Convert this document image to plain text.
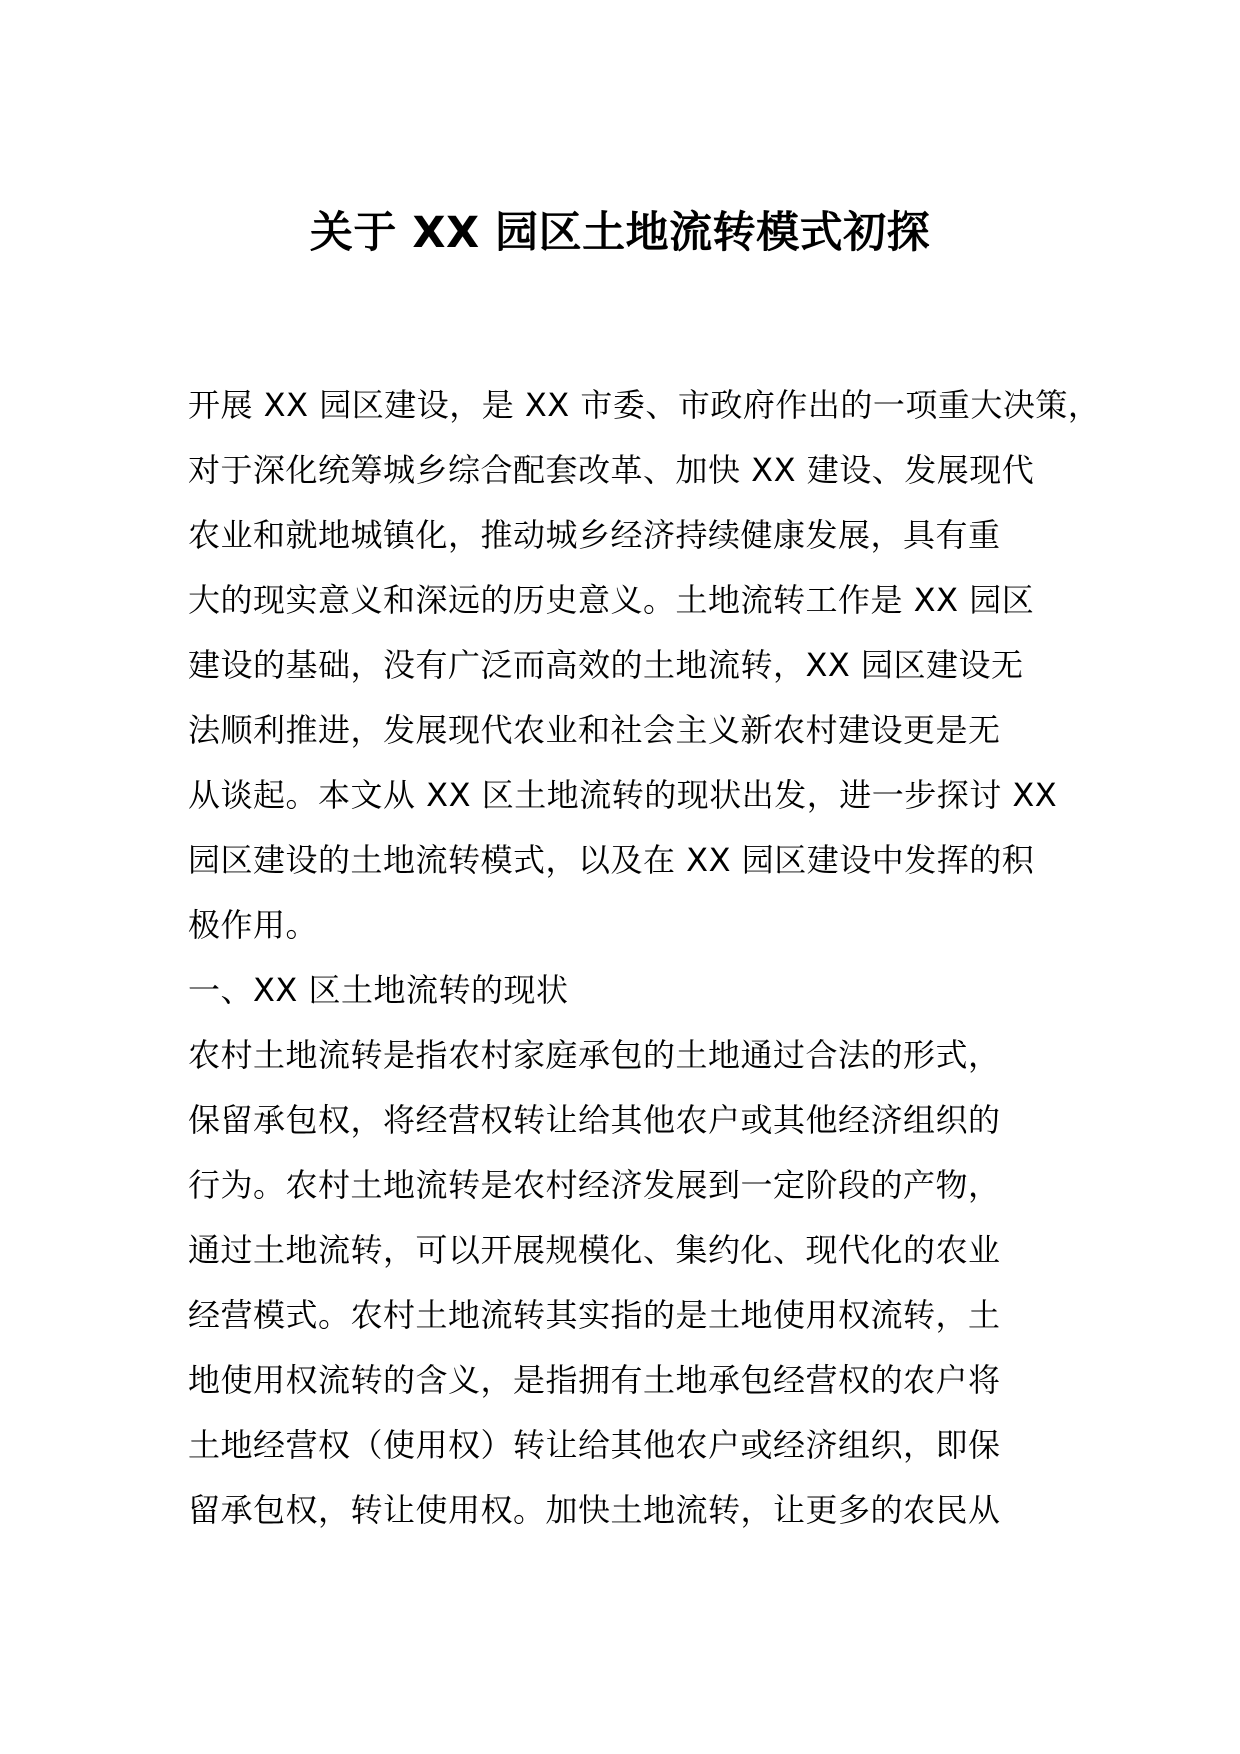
关于 XX 园区土地流转模式初探
开展 XX 园区建设，是 XX 市委、市政府作出的一项重大决策，
对于深化统筹城乡综合配套改革、加快 XX 建设、发展现代
农业和就地城镇化，推动城乡经济持续健康发展，具有重
大的现实意义和深远的历史意义。土地流转工作是 XX 园区
建设的基础，没有广泛而高效的土地流转，XX 园区建设无
法顺利推进，发展现代农业和社会主义新农村建设更是无
从谈起。本文从 XX 区土地流转的现状出发，进一步探讨 XX
园区建设的土地流转模式，以及在 XX 园区建设中发挥的积
极作用。
一、XX 区土地流转的现状
农村土地流转是指农村家庭承包的土地通过合法的形式，
保留承包权，将经营权转让给其他农户或其他经济组织的
行为。农村土地流转是农村经济发展到一定阶段的产物，
通过土地流转，可以开展规模化、集约化、现代化的农业
经营模式。农村土地流转其实指的是土地使用权流转，土
地使用权流转的含义，是指拥有土地承包经营权的农户将
土地经营权（使用权）转让给其他农户或经济组织，即保
留承包权，转让使用权。加快土地流转，让更多的农民从
